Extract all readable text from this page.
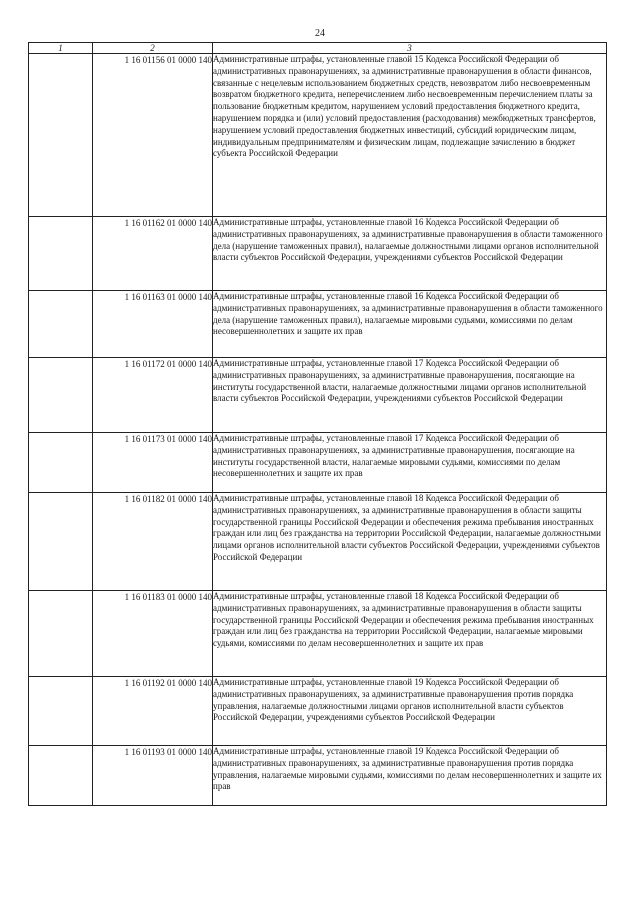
24
1	2	3
	1 16 01156 01 0000 140	Административные штрафы, установленные главой 15 Кодекса Российской Федерации об административных правонарушениях, за административные правонарушения в области финансов, связанные с нецелевым использованием бюджетных средств, невозвратом либо несвоевременным возвратом бюджетного кредита, неперечислением либо несвоевременным перечислением платы за пользование бюджетным кредитом, нарушением условий предоставления бюджетного кредита, нарушением порядка и (или) условий предоставления (расходования) межбюджетных трансфертов, нарушением условий предоставления бюджетных инвестиций, субсидий юридическим лицам, индивидуальным предпринимателям и физическим лицам, подлежащие зачислению в бюджет субъекта Российской Федерации
	1 16 01162 01 0000 140	Административные штрафы, установленные главой 16 Кодекса Российской Федерации об административных правонарушениях, за административные правонарушения в области таможенного дела (нарушение таможенных правил), налагаемые должностными лицами органов исполнительной власти субъектов Российской Федерации, учреждениями субъектов Российской Федерации
	1 16 01163 01 0000 140	Административные штрафы, установленные главой 16 Кодекса Российской Федерации об административных правонарушениях, за административные правонарушения в области таможенного дела (нарушение таможенных правил), налагаемые мировыми судьями, комиссиями по делам несовершеннолетних и защите их прав
	1 16 01172 01 0000 140	Административные штрафы, установленные главой 17 Кодекса Российской Федерации об административных правонарушениях, за административные правонарушения, посягающие на институты государственной власти, налагаемые должностными лицами органов исполнительной власти субъектов Российской Федерации, учреждениями субъектов Российской Федерации
	1 16 01173 01 0000 140	Административные штрафы, установленные главой 17 Кодекса Российской Федерации об административных правонарушениях, за административные правонарушения, посягающие на институты государственной власти, налагаемые мировыми судьями, комиссиями по делам несовершеннолетних и защите их прав
	1 16 01182 01 0000 140	Административные штрафы, установленные главой 18 Кодекса Российской Федерации об административных правонарушениях, за административные правонарушения в области защиты государственной границы Российской Федерации и обеспечения режима пребывания иностранных граждан или лиц без гражданства на территории Российской Федерации, налагаемые должностными лицами органов исполнительной власти субъектов Российской Федерации, учреждениями субъектов Российской Федерации
	1 16 01183 01 0000 140	Административные штрафы, установленные главой 18 Кодекса Российской Федерации об административных правонарушениях, за административные правонарушения в области защиты государственной границы Российской Федерации и обеспечения режима пребывания иностранных граждан или лиц без гражданства на территории Российской Федерации, налагаемые мировыми судьями, комиссиями по делам несовершеннолетних и защите их прав
	1 16 01192 01 0000 140	Административные штрафы, установленные главой 19 Кодекса Российской Федерации об административных правонарушениях, за административные правонарушения против порядка управления, налагаемые должностными лицами органов исполнительной власти субъектов Российской Федерации, учреждениями субъектов Российской Федерации
	1 16 01193 01 0000 140	Административные штрафы, установленные главой 19 Кодекса Российской Федерации об административных правонарушениях, за административные правонарушения против порядка управления, налагаемые мировыми судьями, комиссиями по делам несовершеннолетних и защите их прав
